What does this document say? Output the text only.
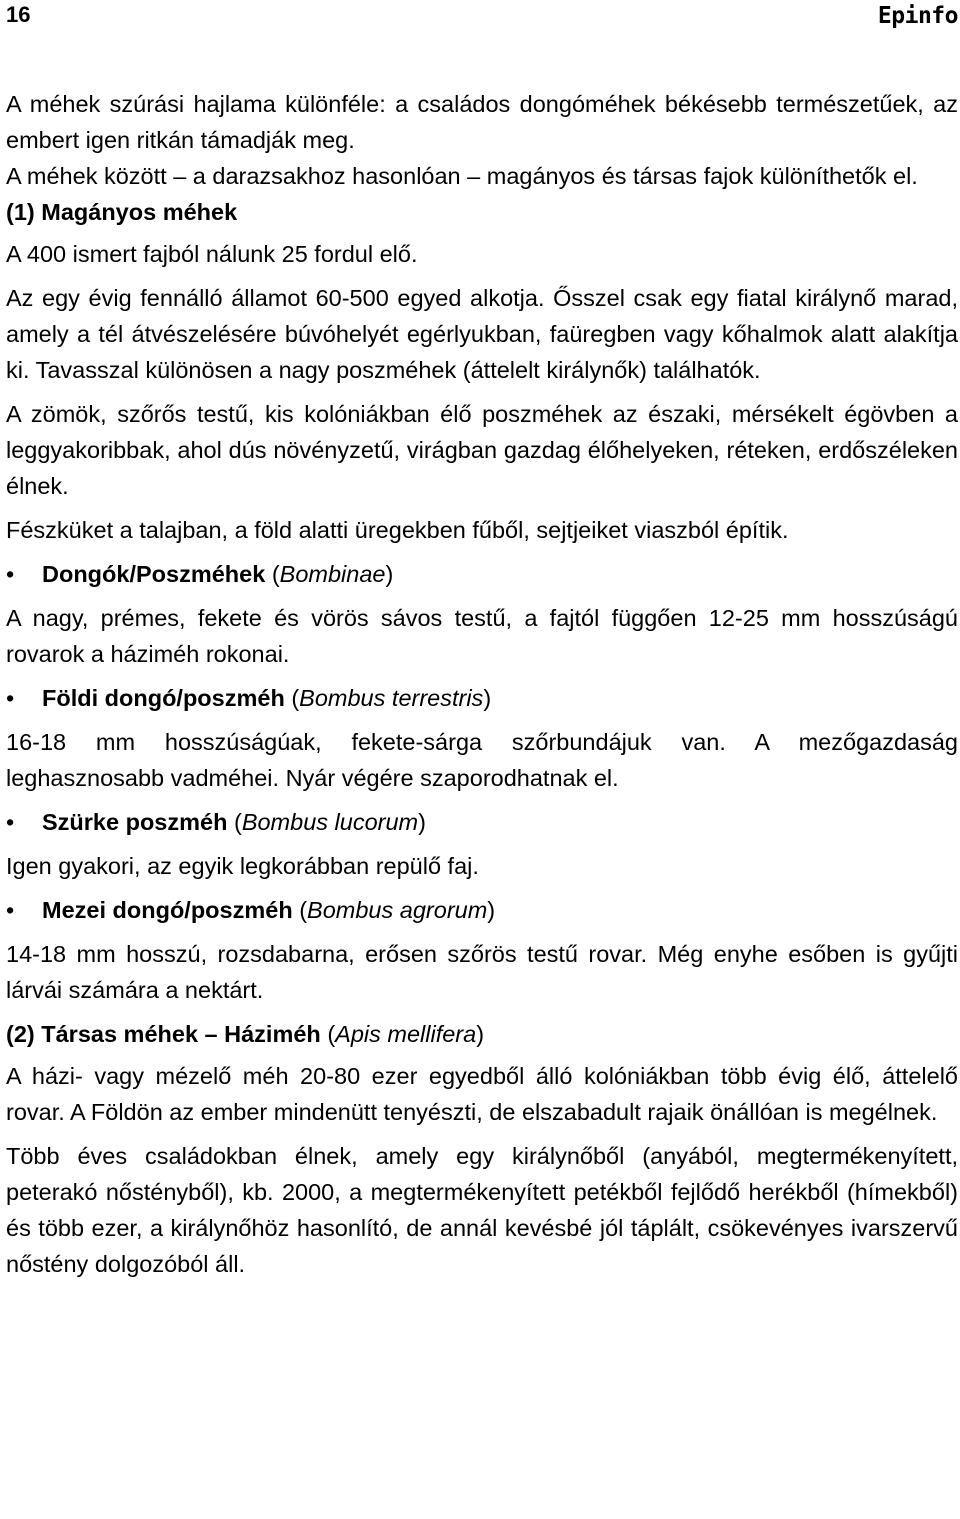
16	Epinfo

A méhek szúrási hajlama különféle: a családos dongóméhek békésebb természetűek, az embert igen ritkán támadják meg.

A méhek között – a darazsakhoz hasonlóan – magányos és társas fajok különíthetők el.

(1) Magányos méhek

A 400 ismert fajból nálunk 25 fordul elő.

Az egy évig fennálló államot 60-500 egyed alkotja. Ősszel csak egy fiatal királynő marad, amely a tél átvészelésére búvóhelyét egérlyukban, faüregben vagy kőhalmok alatt alakítja ki. Tavasszal különösen a nagy poszméhek (áttelelt királynők) találhatók.

A zömök, szőrős testű, kis kolóniákban élő poszméhek az északi, mérsékelt égövben a leggyakoribbak, ahol dús növényzetű, virágban gazdag élőhelyeken, réteken, erdőszéleken élnek.

Fészküket a talajban, a föld alatti üregekben fűből, sejtjeiket viaszból építik.

• Dongók/Poszméhek (Bombinae)

A nagy, prémes, fekete és vörös sávos testű, a fajtól függően 12-25 mm hosszúságú rovarok a háziméh rokonai.

• Földi dongó/poszméh (Bombus terrestris)

16-18 mm hosszúságúak, fekete-sárga szőrbundájuk van. A mezőgazdaság leghasznosabb vadméhei. Nyár végére szaporodhatnak el.

• Szürke poszméh (Bombus lucorum)

Igen gyakori, az egyik legkorábban repülő faj.

• Mezei dongó/poszméh (Bombus agrorum)

14-18 mm hosszú, rozsdabarna, erősen szőrös testű rovar. Még enyhe esőben is gyűjti lárvái számára a nektárt.

(2) Társas méhek – Háziméh (Apis mellifera)

A házi- vagy mézelő méh 20-80 ezer egyedből álló kolóniákban több évig élő, áttelelő rovar. A Földön az ember mindenütt tenyészti, de elszabadult rajaik önállóan is megélnek.

Több éves családokban élnek, amely egy királynőből (anyából, megtermékenyített, peterakó nőstényből), kb. 2000, a megtermékenyített petékből fejlődő herékből (hímekből) és több ezer, a királynőhöz hasonlító, de annál kevésbé jól táplált, csökevényes ivarszervű nőstény dolgozóból áll.
